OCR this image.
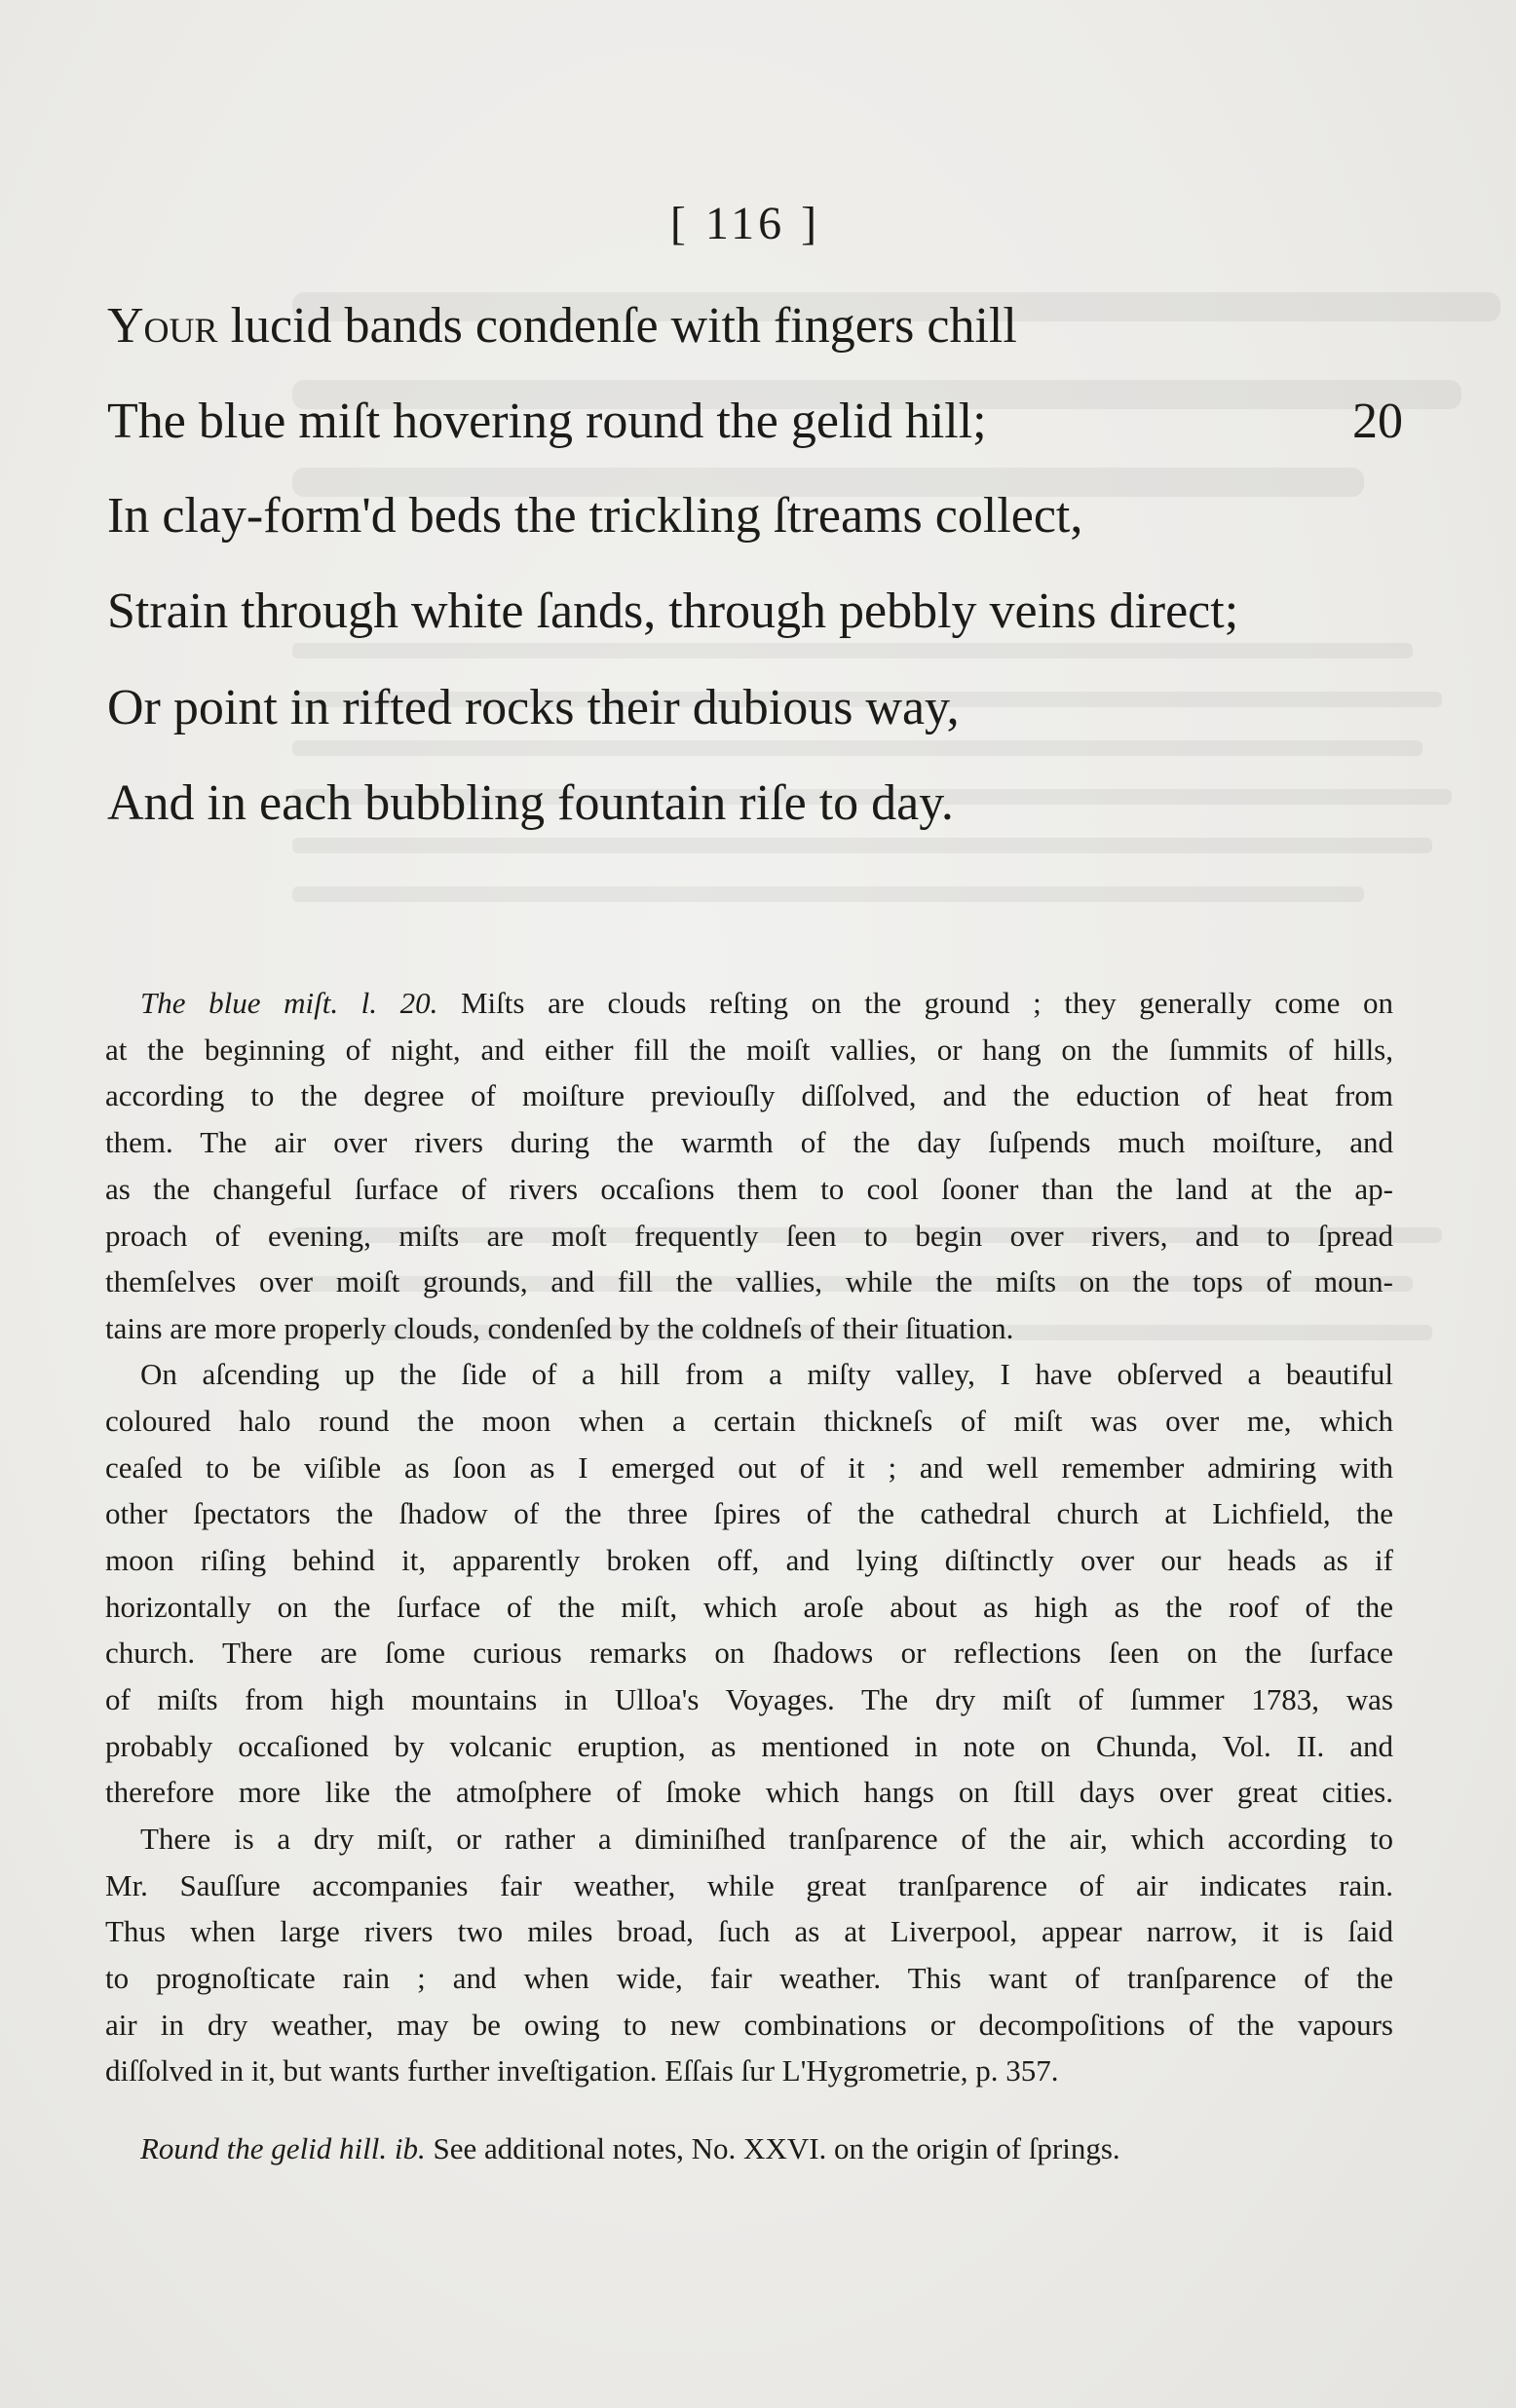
[ 116 ]
Your lucid bands condenſe with fingers chill
The blue miſt hovering round the gelid hill;	20
In clay-form'd beds the trickling ſtreams collect,
Strain through white ſands, through pebbly veins direct;
Or point in rifted rocks their dubious way,
And in each bubbling fountain riſe to day.
The blue miſt. l. 20. Miſts are clouds reſting on the ground ; they generally come on
at the beginning of night, and either fill the moiſt vallies, or hang on the ſummits of hills,
according to the degree of moiſture previouſly diſſolved, and the eduction of heat from
them. The air over rivers during the warmth of the day ſuſpends much moiſture, and
as the changeful ſurface of rivers occaſions them to cool ſooner than the land at the ap-
proach of evening, miſts are moſt frequently ſeen to begin over rivers, and to ſpread
themſelves over moiſt grounds, and fill the vallies, while the miſts on the tops of moun-
tains are more properly clouds, condenſed by the coldneſs of their ſituation.
On aſcending up the ſide of a hill from a miſty valley, I have obſerved a beautiful
coloured halo round the moon when a certain thickneſs of miſt was over me, which
ceaſed to be viſible as ſoon as I emerged out of it ; and well remember admiring with
other ſpectators the ſhadow of the three ſpires of the cathedral church at Lichfield, the
moon riſing behind it, apparently broken off, and lying diſtinctly over our heads as if
horizontally on the ſurface of the miſt, which aroſe about as high as the roof of the
church. There are ſome curious remarks on ſhadows or reflections ſeen on the ſurface
of miſts from high mountains in Ulloa's Voyages. The dry miſt of ſummer 1783, was
probably occaſioned by volcanic eruption, as mentioned in note on Chunda, Vol. II. and
therefore more like the atmoſphere of ſmoke which hangs on ſtill days over great cities.
There is a dry miſt, or rather a diminiſhed tranſparence of the air, which according to
Mr. Sauſſure accompanies fair weather, while great tranſparence of air indicates rain.
Thus when large rivers two miles broad, ſuch as at Liverpool, appear narrow, it is ſaid
to prognoſticate rain ; and when wide, fair weather. This want of tranſparence of the
air in dry weather, may be owing to new combinations or decompoſitions of the vapours
diſſolved in it, but wants further inveſtigation. Eſſais ſur L'Hygrometrie, p. 357.
Round the gelid hill. ib. See additional notes, No. XXVI. on the origin of ſprings.
